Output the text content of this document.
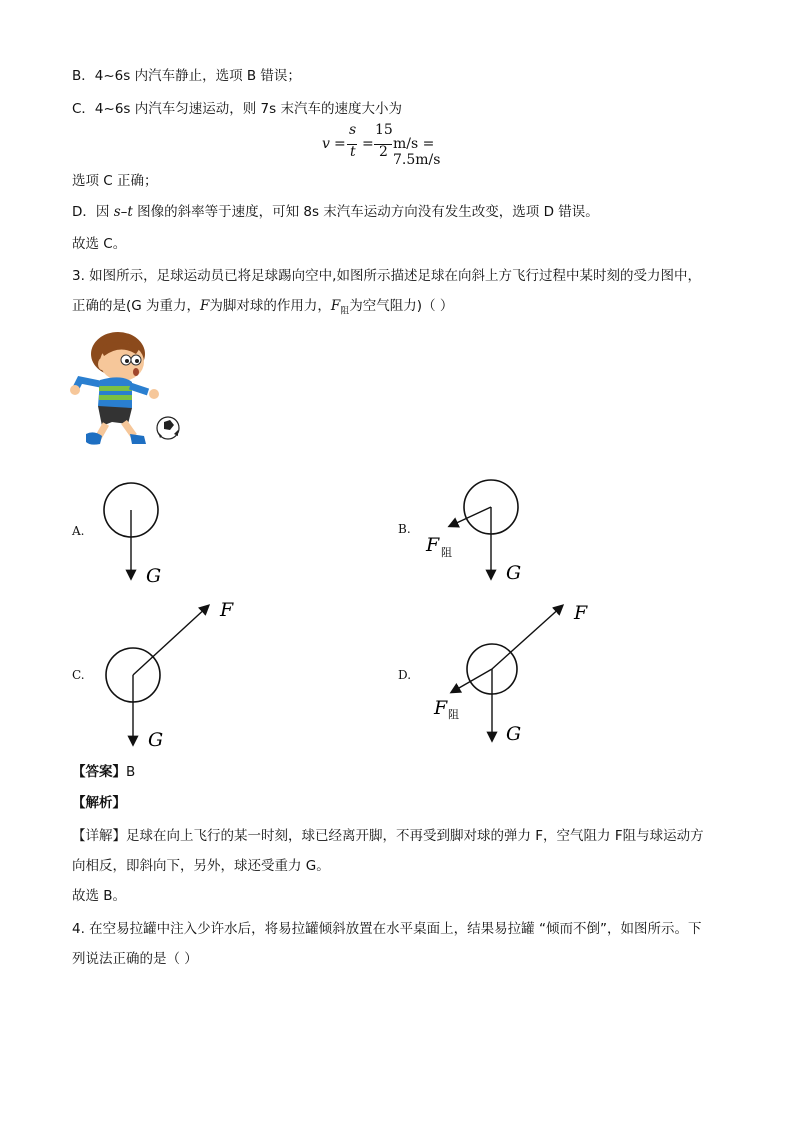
B．4~6s 内汽车静止，选项 B 错误；
C．4~6s 内汽车匀速运动，则 7s 末汽车的速度大小为
v =
s
t =
15
2 m/s = 7.5m/s
选项 C 正确；
D．因 s–t 图像的斜率等于速度，可知 8s 末汽车运动方向没有发生改变，选项 D 错误。
故选 C。
3. 如图所示，足球运动员已将足球踢向空中,如图所示描述足球在向斜上方飞行过程中某时刻的受力图中，
正确的是(G 为重力，F为脚对球的作用力，$F_阻$为空气阻力)（ ）
A.	B.
C.	D.
G	G
F 阻
G
F
G
F
F 阻
【答案】B
【解析】
【详解】足球在向上飞行的某一时刻，球已经离开脚，不再受到脚对球的弹力 F，空气阻力 F阻与球运动方
向相反，即斜向下，另外，球还受重力 G。
故选 B。
4. 在空易拉罐中注入少许水后，将易拉罐倾斜放置在水平桌面上，结果易拉罐 “倾而不倒”，如图所示。下
列说法正确的是（ ）
